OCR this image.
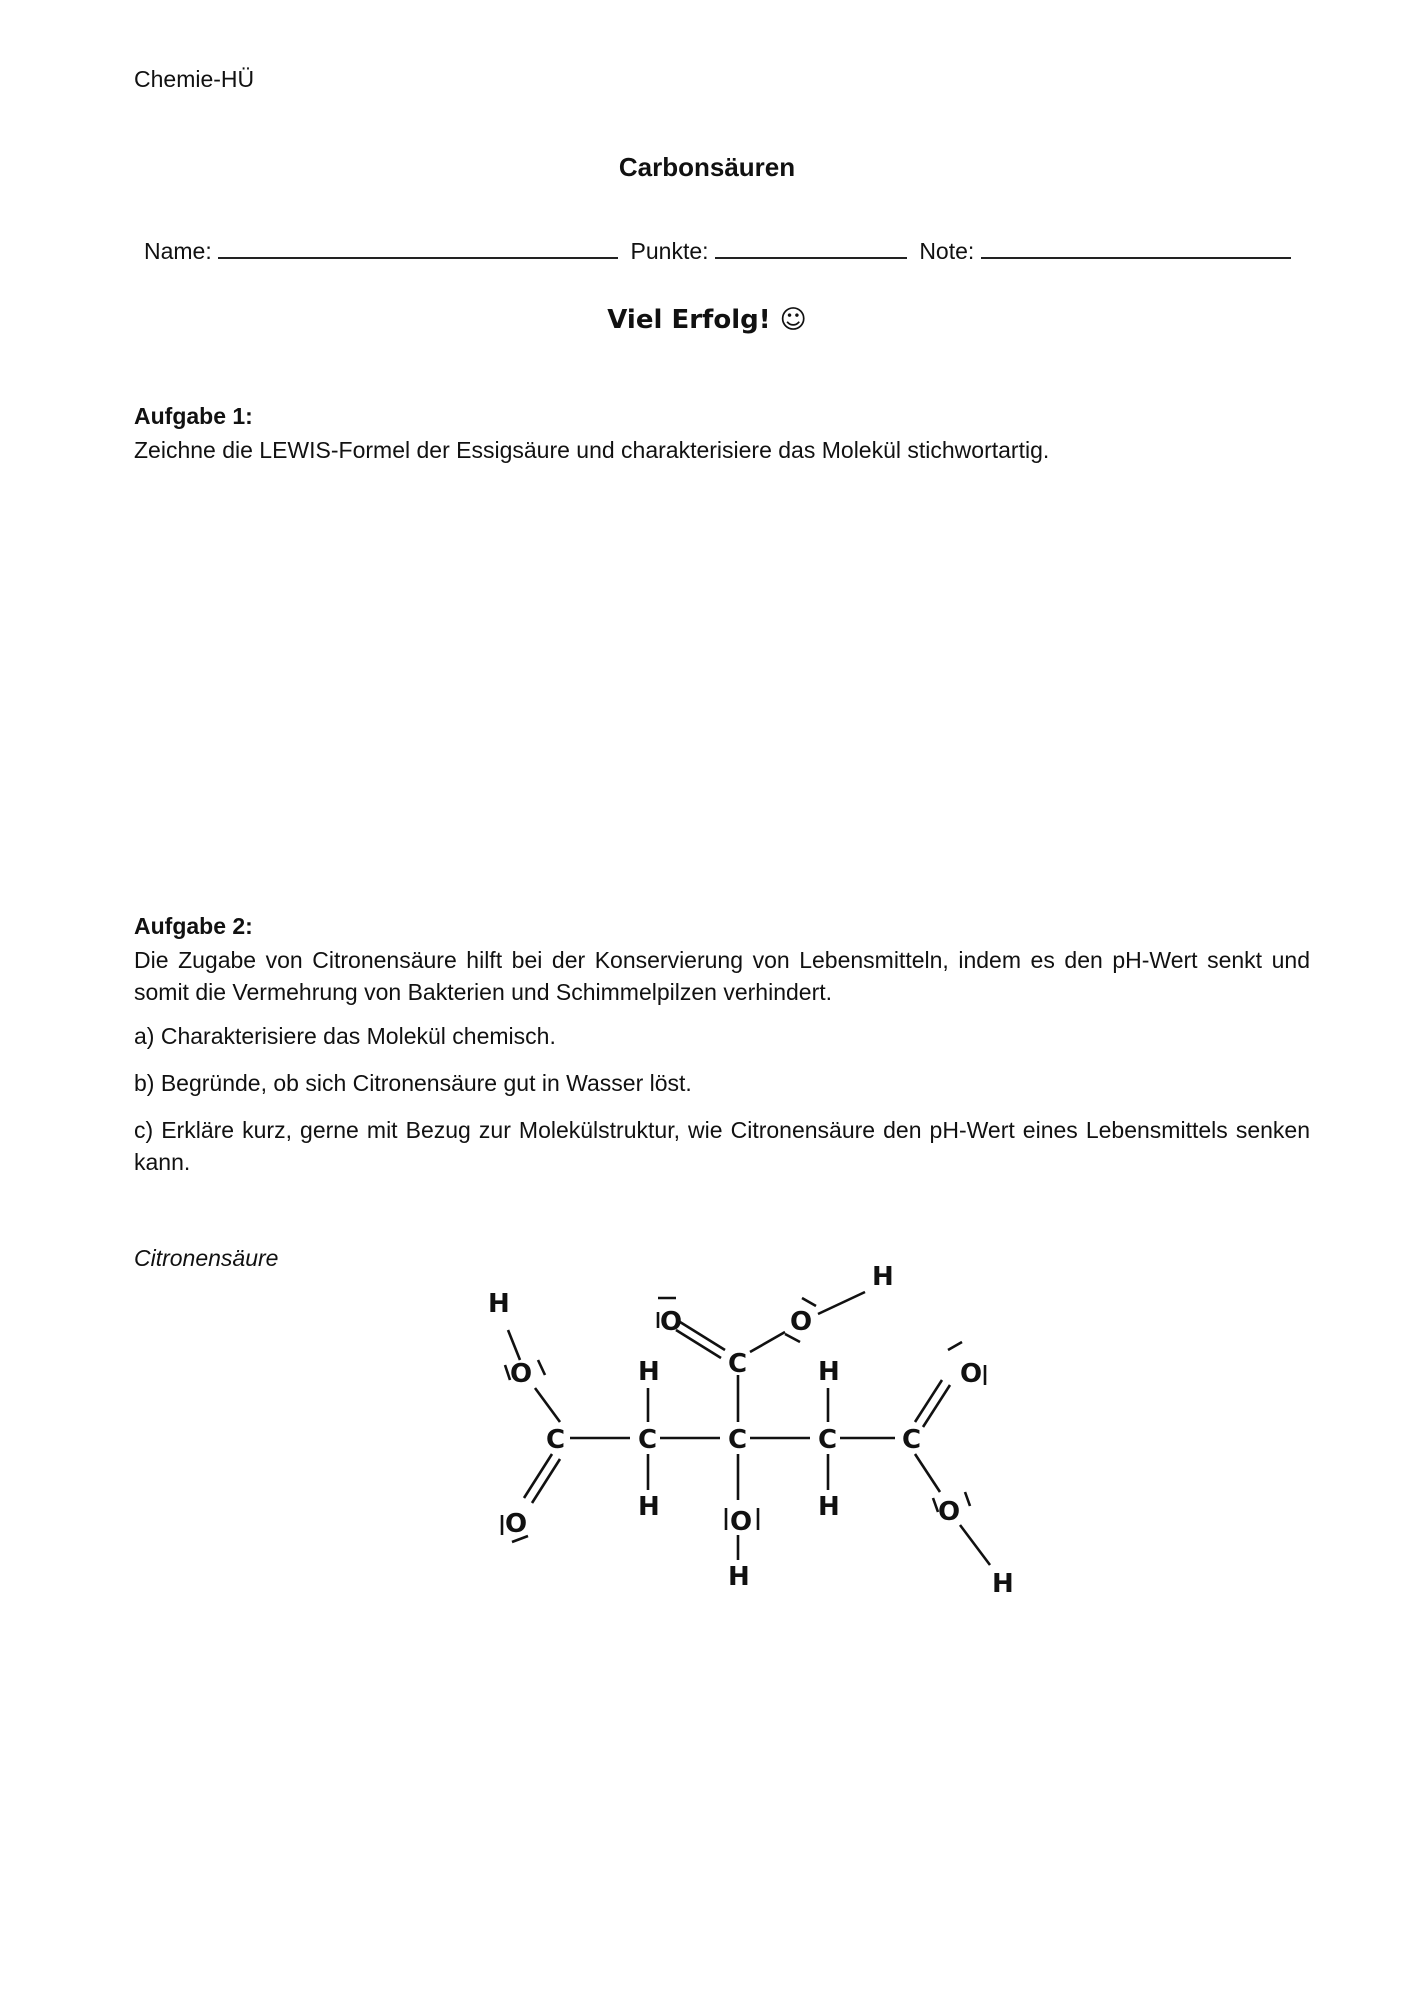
Chemie-HÜ
Carbonsäuren
Name:	Punkte:	Note:
Viel Erfolg! ☺
Aufgabe 1:
Zeichne die LEWIS-Formel der Essigsäure und charakterisiere das Molekül stichwortartig.
Aufgabe 2:
Die Zugabe von Citronensäure hilft bei der Konservierung von Lebensmitteln, indem es den pH-Wert senkt und somit die Vermehrung von Bakterien und Schimmelpilzen verhindert.
a) Charakterisiere das Molekül chemisch.
b) Begründe, ob sich Citronensäure gut in Wasser löst.
c) Erkläre kurz, gerne mit Bezug zur Molekülstruktur, wie Citronensäure den pH-Wert eines Lebensmittels senken kann.
Citronensäure
C	C	C	C C
C
H
H
H
H
H
H
H
H
O	O
O
O	O
O
O
